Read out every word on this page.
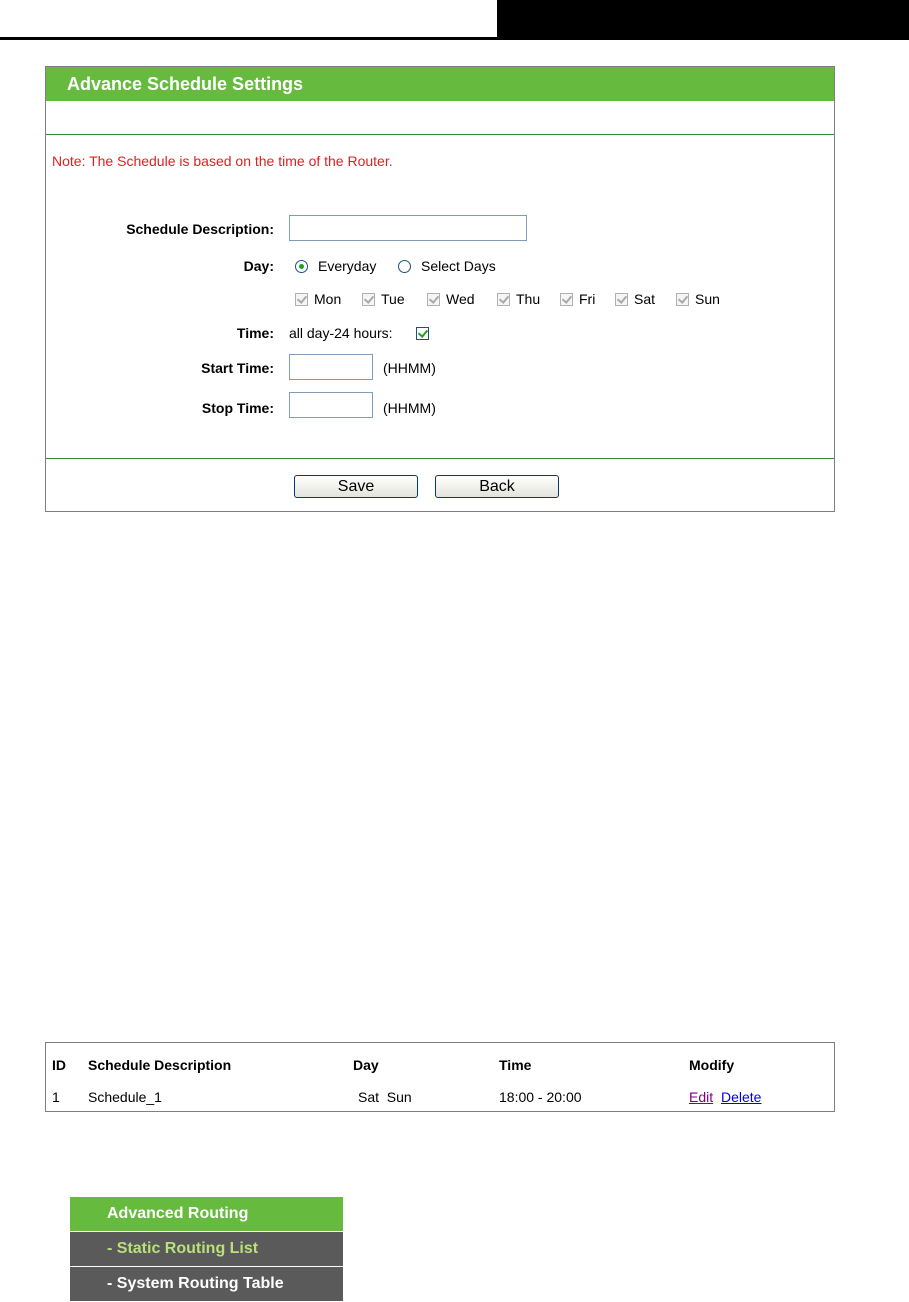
Advance Schedule Settings
Note: The Schedule is based on the time of the Router.
Schedule Description:
Day:	Everyday	Select Days
Mon	Tue	Wed	Thu	Fri	Sat	Sun
Time: all day-24 hours:
Start Time:	(HHMM)
Stop Time:	(HHMM)
Save	Back
ID Schedule Description	Day	Time	Modify
1 Schedule_1	Sat  Sun	18:00 - 20:00	Edit Delete
Advanced Routing
- Static Routing List
- System Routing Table
